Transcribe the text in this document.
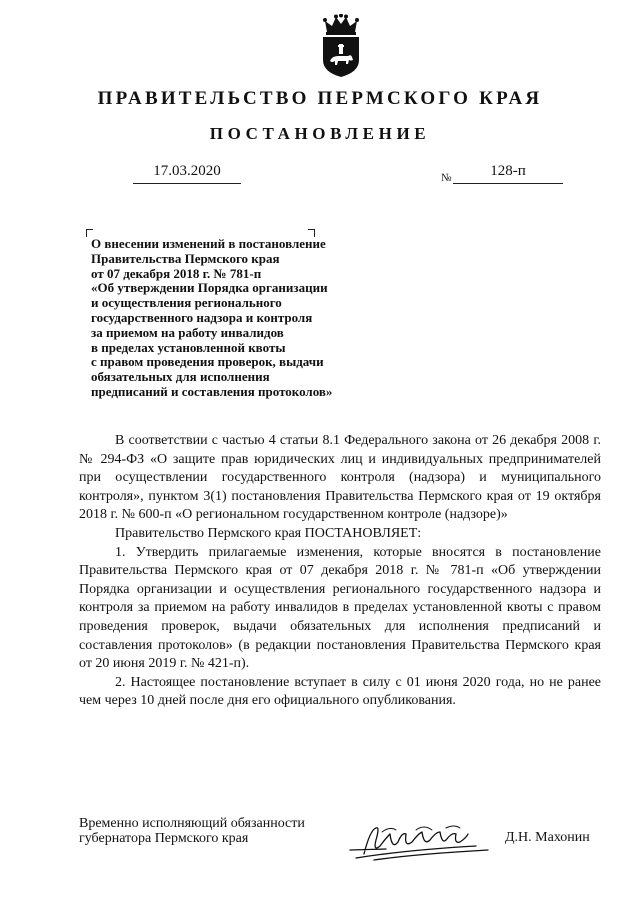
ПРАВИТЕЛЬСТВО ПЕРМСКОГО КРАЯ
ПОСТАНОВЛЕНИЕ
17.03.2020	№	128-п
О внесении изменений в постановление
Правительства Пермского края
от 07 декабря 2018 г. № 781-п
«Об утверждении Порядка организации
и осуществления регионального
государственного надзора и контроля
за приемом на работу инвалидов
в пределах установленной квоты
с правом проведения проверок, выдачи
обязательных для исполнения
предписаний и составления протоколов»

В соответствии с частью 4 статьи 8.1 Федерального закона от 26 декабря 2008 г. № 294-ФЗ «О защите прав юридических лиц и индивидуальных предпринимателей при осуществлении государственного контроля (надзора) и муниципального контроля», пунктом 3(1) постановления Правительства Пермского края от 19 октября 2018 г. № 600-п «О региональном государственном контроле (надзоре)»

Правительство Пермского края ПОСТАНОВЛЯЕТ:

1. Утвердить прилагаемые изменения, которые вносятся в постановление Правительства Пермского края от 07 декабря 2018 г. № 781-п «Об утверждении Порядка организации и осуществления регионального государственного надзора и контроля за приемом на работу инвалидов в пределах установленной квоты с правом проведения проверок, выдачи обязательных для исполнения предписаний и составления протоколов» (в редакции постановления Правительства Пермского края от 20 июня 2019 г. № 421-п).

2. Настоящее постановление вступает в силу с 01 июня 2020 года, но не ранее чем через 10 дней после дня его официального опубликования.

Временно исполняющий обязанности
губернатора Пермского края	Д.Н. Махонин
